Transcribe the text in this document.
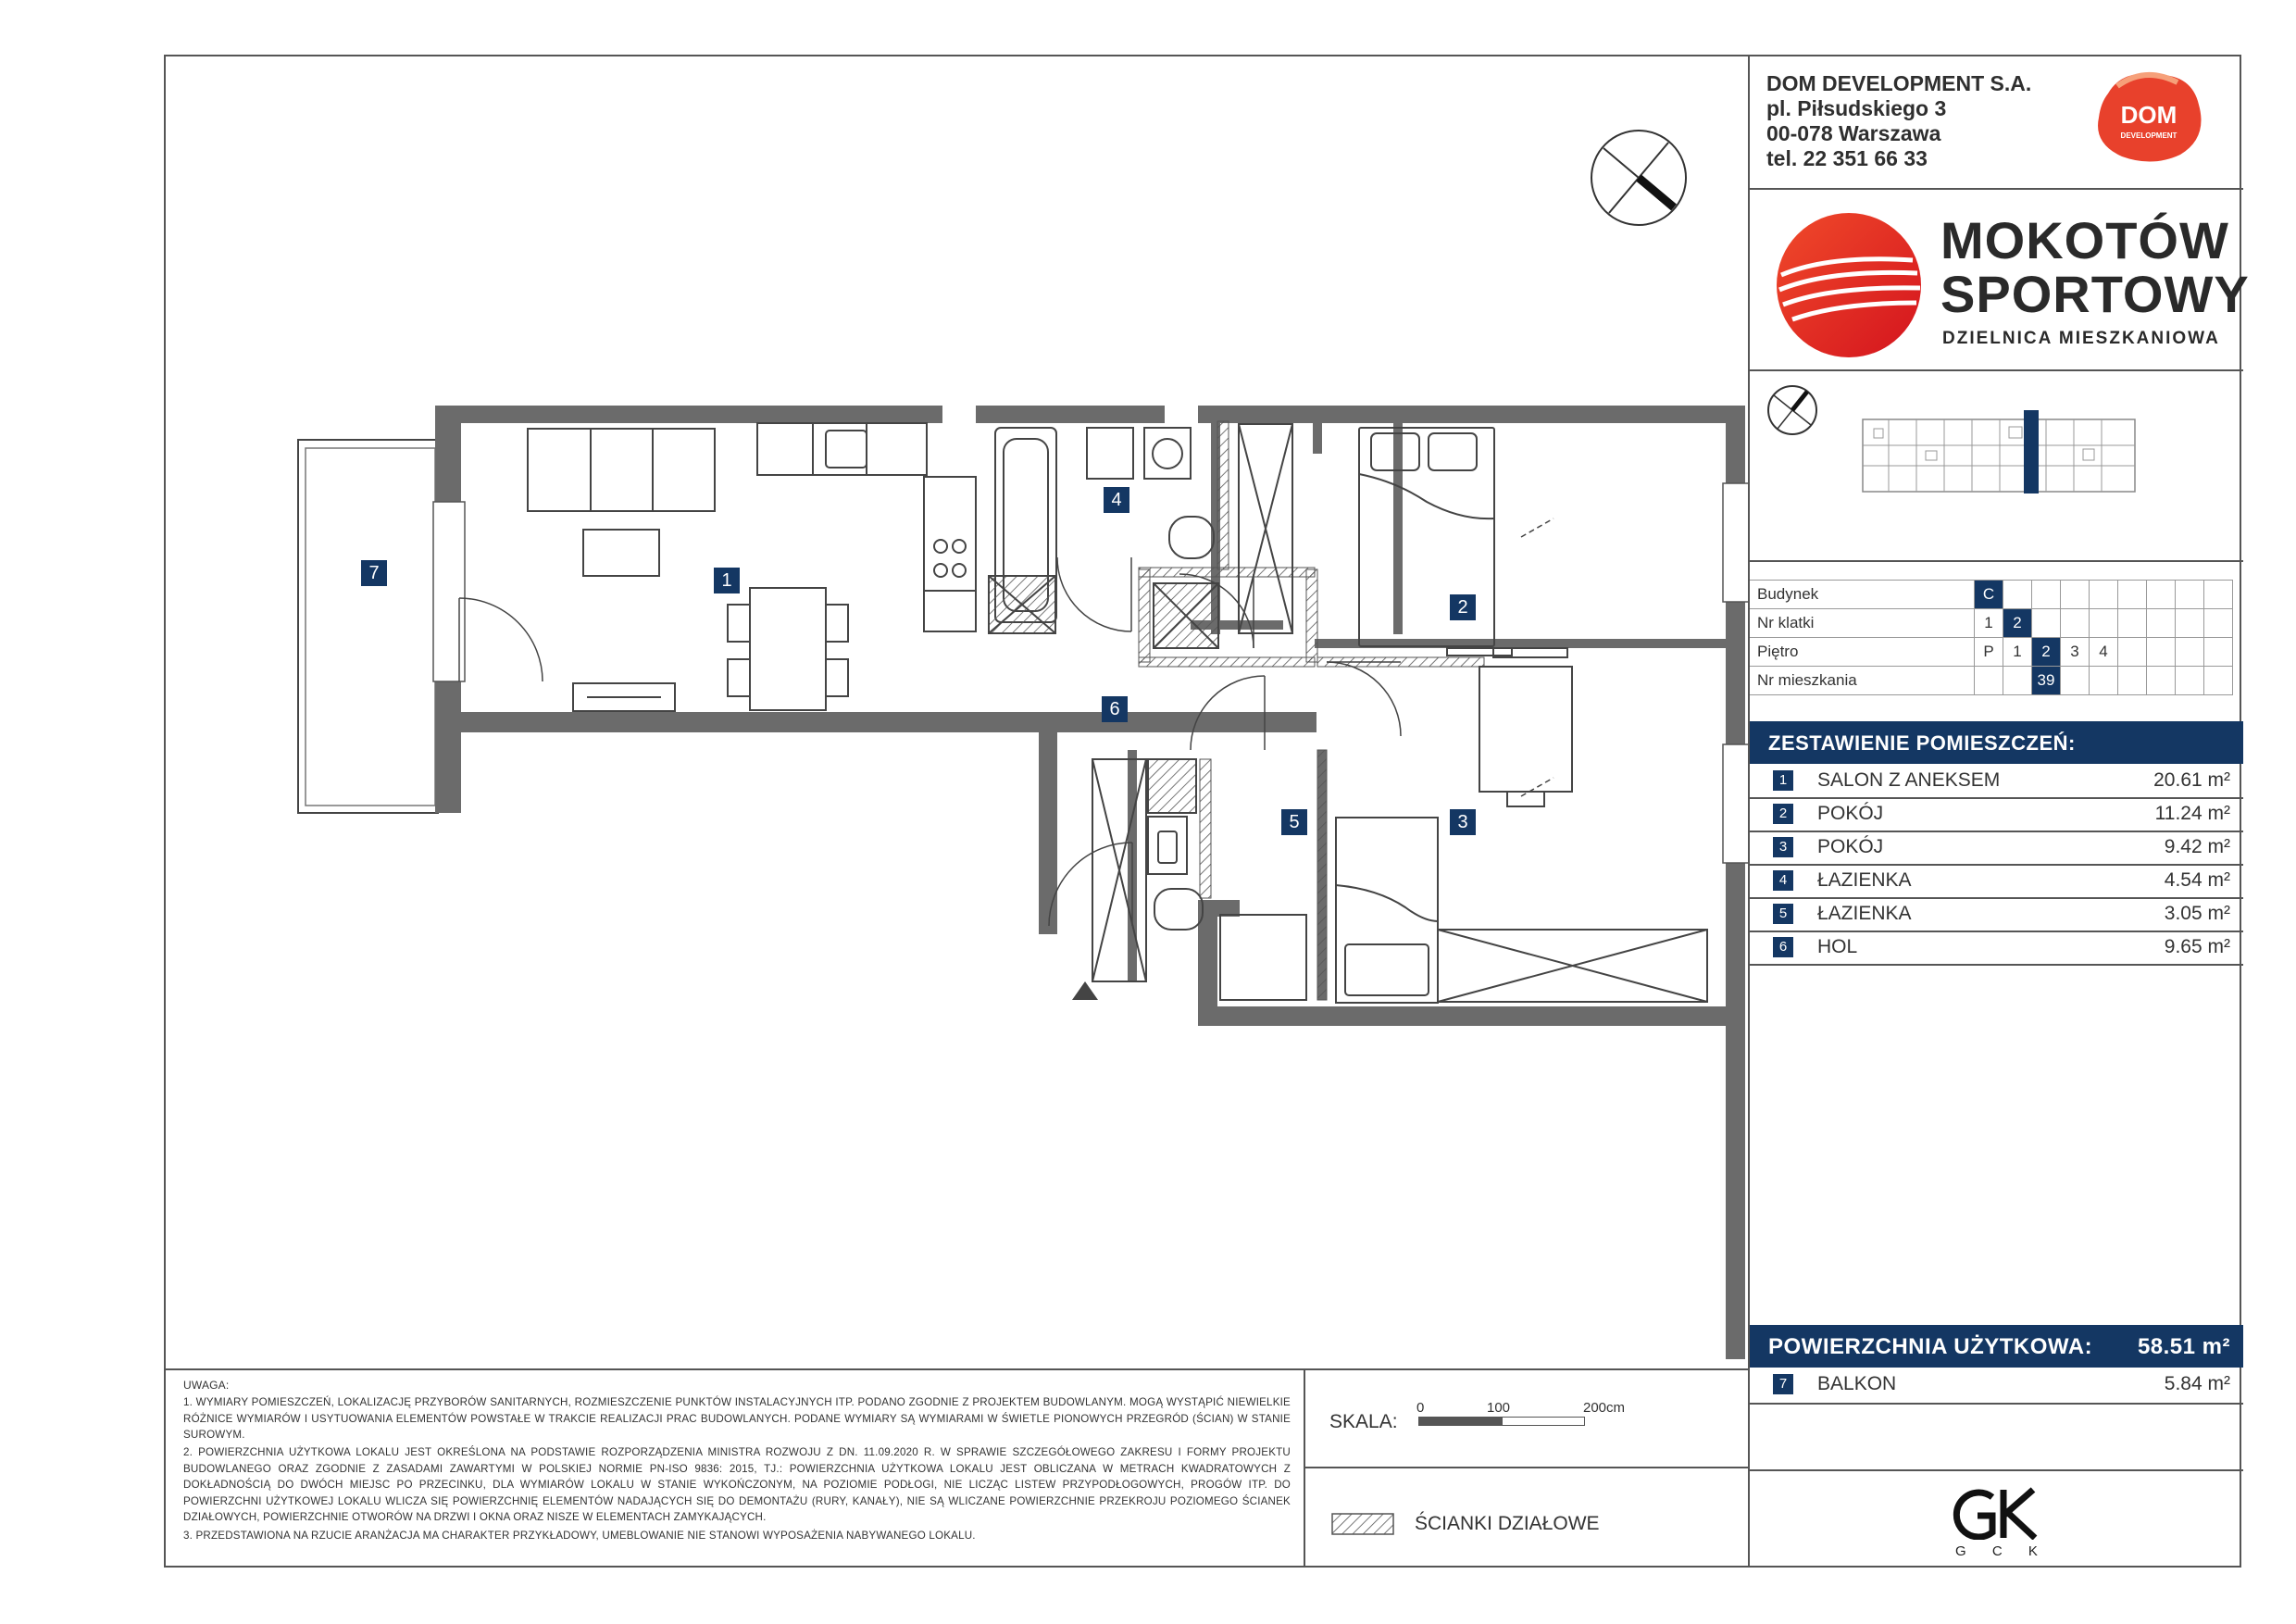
7	1
4
2
6
5	3
UWAGA:
1. WYMIARY POMIESZCZEŃ, LOKALIZACJĘ PRZYBORÓW SANITARNYCH, ROZMIESZCZENIE PUNKTÓW INSTALACYJNYCH ITP. PODANO ZGODNIE Z PROJEKTEM BUDOWLANYM. MOGĄ WYSTĄPIĆ NIEWIELKIE RÓŻNICE WYMIARÓW I USYTUOWANIA ELEMENTÓW POWSTAŁE W TRAKCIE REALIZACJI PRAC BUDOWLANYCH. PODANE WYMIARY SĄ WYMIARAMI W ŚWIETLE PIONOWYCH PRZEGRÓD (ŚCIAN) W STANIE SUROWYM.
2. POWIERZCHNIA UŻYTKOWA LOKALU JEST OKREŚLONA NA PODSTAWIE ROZPORZĄDZENIA MINISTRA ROZWOJU Z DN. 11.09.2020 R. W SPRAWIE SZCZEGÓŁOWEGO ZAKRESU I FORMY PROJEKTU BUDOWLANEGO ORAZ ZGODNIE Z ZASADAMI ZAWARTYMI W POLSKIEJ NORMIE PN-ISO 9836: 2015, TJ.: POWIERZCHNIA UŻYTKOWA LOKALU JEST OBLICZANA W METRACH KWADRATOWYCH Z DOKŁADNOŚCIĄ DO DWÓCH MIEJSC PO PRZECINKU, DLA WYMIARÓW LOKALU W STANIE WYKOŃCZONYM, NA POZIOMIE PODŁOGI, NIE LICZĄC LISTEW PRZYPODŁOGOWYCH, PROGÓW ITP. DO POWIERZCHNI UŻYTKOWEJ LOKALU WLICZA SIĘ POWIERZCHNIĘ ELEMENTÓW NADAJĄCYCH SIĘ DO DEMONTAŻU (RURY, KANAŁY), NIE SĄ WLICZANE POWIERZCHNIE PRZEKROJU POZIOMEGO ŚCIANEK DZIAŁOWYCH, POWIERZCHNIE OTWORÓW NA DRZWI I OKNA ORAZ NISZE W ELEMENTACH ZAMYKAJĄCYCH.
3. PRZEDSTAWIONA NA RZUCIE ARANŻACJA MA CHARAKTER PRZYKŁADOWY, UMEBLOWANIE NIE STANOWI WYPOSAŻENIA NABYWANEGO LOKALU.
SKALA:
0	100	200cm
ŚCIANKI DZIAŁOWE
DOM DEVELOPMENT S.A.
pl. Piłsudskiego 3
00-078 Warszawa
tel. 22 351 66 33
DOM
DEVELOPMENT
MOKOTÓW
SPORTOWY
DZIELNICA MIESZKANIOWA
Budynek	C								
Nr klatki	1	2							
Piętro	P	1	2	3	4				
Nr mieszkania			39						
ZESTAWIENIE POMIESZCZEŃ:
1	SALON Z ANEKSEM	20.61 m²
2	POKÓJ	11.24 m²
3	POKÓJ	9.42 m²
4	ŁAZIENKA	4.54 m²
5	ŁAZIENKA	3.05 m²
6	HOL	9.65 m²
POWIERZCHNIA UŻYTKOWA: 58.51 m²
7	BALKON	5.84 m²
G C K
